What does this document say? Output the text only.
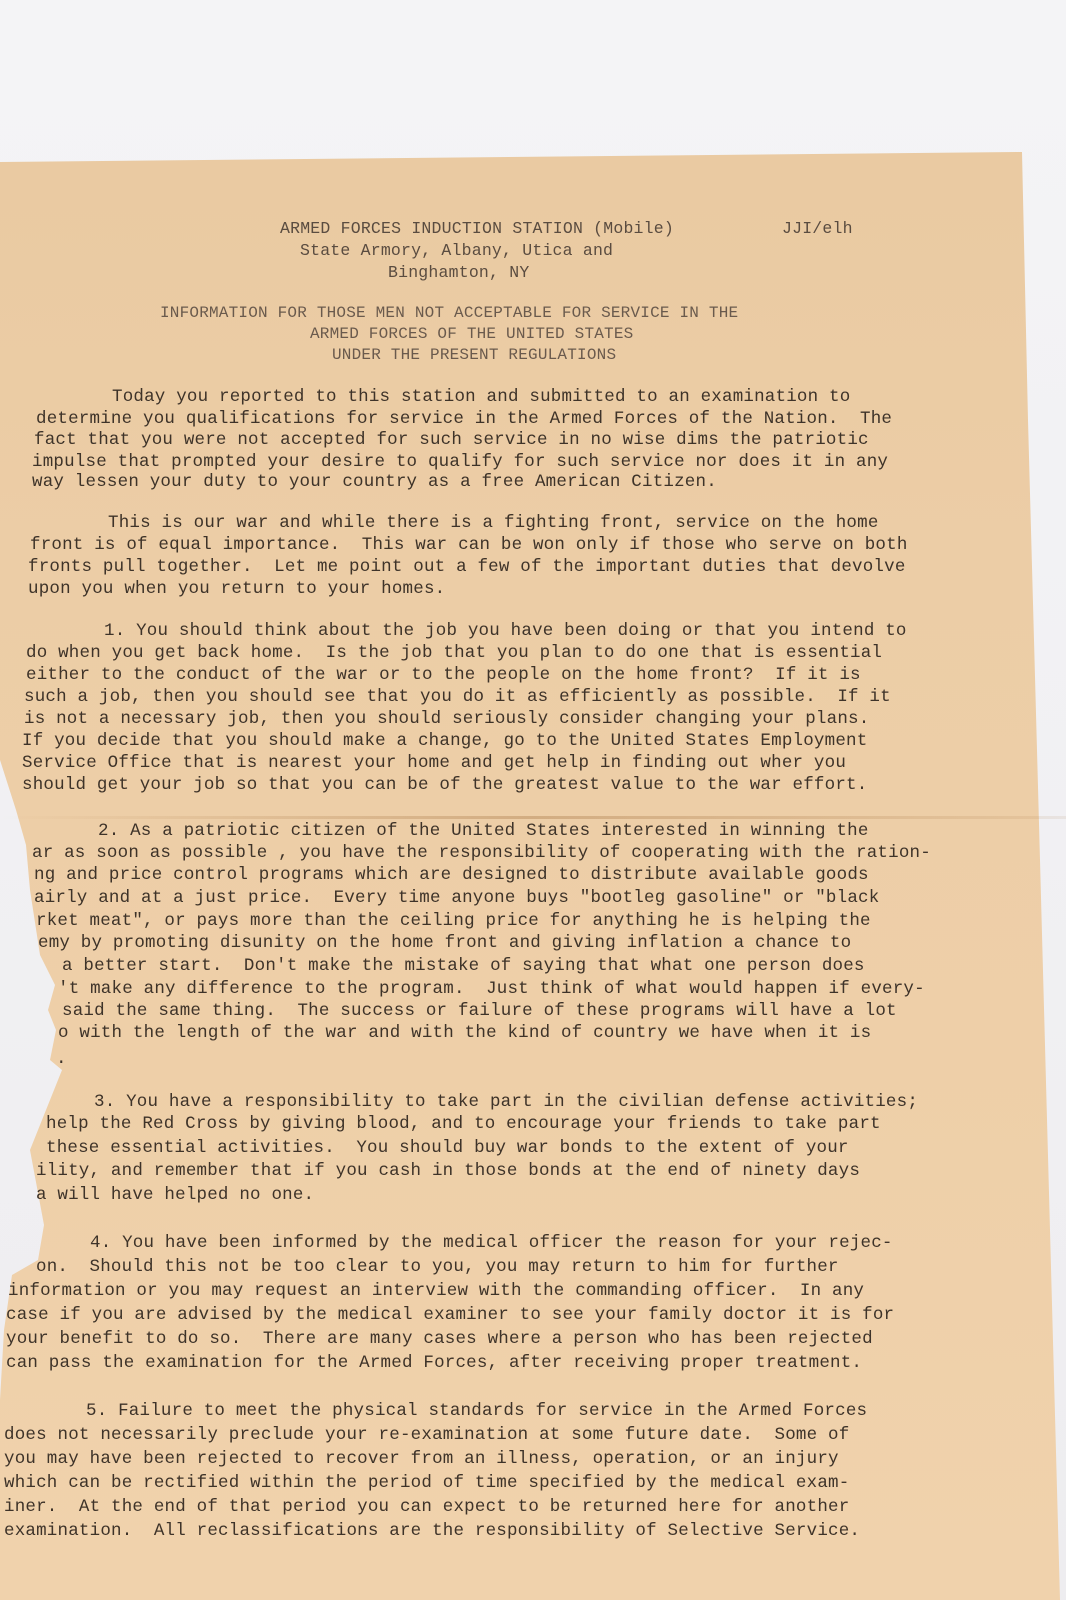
ARMED FORCES INDUCTION STATION (Mobile)	JJI/elh
State Armory, Albany, Utica and
Binghamton, NY
INFORMATION FOR THOSE MEN NOT ACCEPTABLE FOR SERVICE IN THE
ARMED FORCES OF THE UNITED STATES
UNDER THE PRESENT REGULATIONS
Today you reported to this station and submitted to an examination to
determine you qualifications for service in the Armed Forces of the Nation.  The
fact that you were not accepted for such service in no wise dims the patriotic
impulse that prompted your desire to qualify for such service nor does it in any
way lessen your duty to your country as a free American Citizen.
This is our war and while there is a fighting front, service on the home
front is of equal importance.  This war can be won only if those who serve on both
fronts pull together.  Let me point out a few of the important duties that devolve
upon you when you return to your homes.
1. You should think about the job you have been doing or that you intend to
do when you get back home.  Is the job that you plan to do one that is essential
either to the conduct of the war or to the people on the home front?  If it is
such a job, then you should see that you do it as efficiently as possible.  If it
is not a necessary job, then you should seriously consider changing your plans.
If you decide that you should make a change, go to the United States Employment
Service Office that is nearest your home and get help in finding out wher you
should get your job so that you can be of the greatest value to the war effort.
2. As a patriotic citizen of the United States interested in winning the
ar as soon as possible , you have the responsibility of cooperating with the ration-
ng and price control programs which are designed to distribute available goods
airly and at a just price.  Every time anyone buys "bootleg gasoline" or "black
rket meat", or pays more than the ceiling price for anything he is helping the
emy by promoting disunity on the home front and giving inflation a chance to
a better start.  Don't make the mistake of saying that what one person does
't make any difference to the program.  Just think of what would happen if every-
said the same thing.  The success or failure of these programs will have a lot
o with the length of the war and with the kind of country we have when it is
.
3. You have a responsibility to take part in the civilian defense activities;
help the Red Cross by giving blood, and to encourage your friends to take part
these essential activities.  You should buy war bonds to the extent of your
ility, and remember that if you cash in those bonds at the end of ninety days
a will have helped no one.
4. You have been informed by the medical officer the reason for your rejec-
on.  Should this not be too clear to you, you may return to him for further
information or you may request an interview with the commanding officer.  In any
case if you are advised by the medical examiner to see your family doctor it is for
your benefit to do so.  There are many cases where a person who has been rejected
can pass the examination for the Armed Forces, after receiving proper treatment.
5. Failure to meet the physical standards for service in the Armed Forces
does not necessarily preclude your re-examination at some future date.  Some of
you may have been rejected to recover from an illness, operation, or an injury
which can be rectified within the period of time specified by the medical exam-
iner.  At the end of that period you can expect to be returned here for another
examination.  All reclassifications are the responsibility of Selective Service.
